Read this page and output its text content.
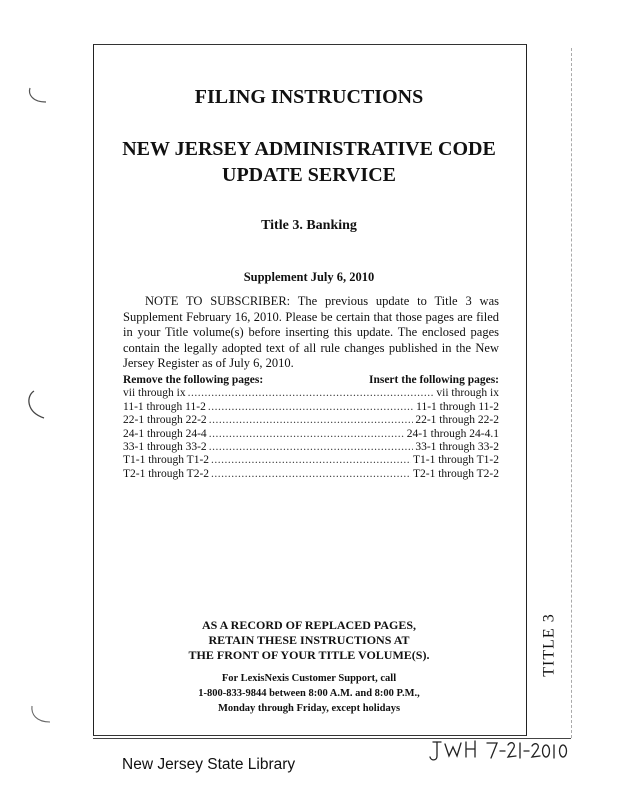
TITLE 3
FILING INSTRUCTIONS
NEW JERSEY ADMINISTRATIVE CODE
UPDATE SERVICE

Title 3. Banking

Supplement July 6, 2010

NOTE TO SUBSCRIBER: The previous update to Title 3 was Supplement February 16, 2010. Please be certain that those pages are filed in your Title volume(s) before inserting this update. The enclosed pages contain the legally adopted text of all rule changes published in the New Jersey Register as of July 6, 2010.

Remove the following pages:	Insert the following pages:
vii through ix .....	vii through ix
11-1 through 11-2 .....	11-1 through 11-2
22-1 through 22-2 .....	22-1 through 22-2
24-1 through 24-4 .....	24-1 through 24-4.1
33-1 through 33-2 .....	33-1 through 33-2
T1-1 through T1-2 .....	T1-1 through T1-2
T2-1 through T2-2 .....	T2-1 through T2-2

AS A RECORD OF REPLACED PAGES,
RETAIN THESE INSTRUCTIONS AT
THE FRONT OF YOUR TITLE VOLUME(S).

For LexisNexis Customer Support, call
1-800-833-9844 between 8:00 A.M. and 8:00 P.M.,
Monday through Friday, except holidays

New Jersey State Library
